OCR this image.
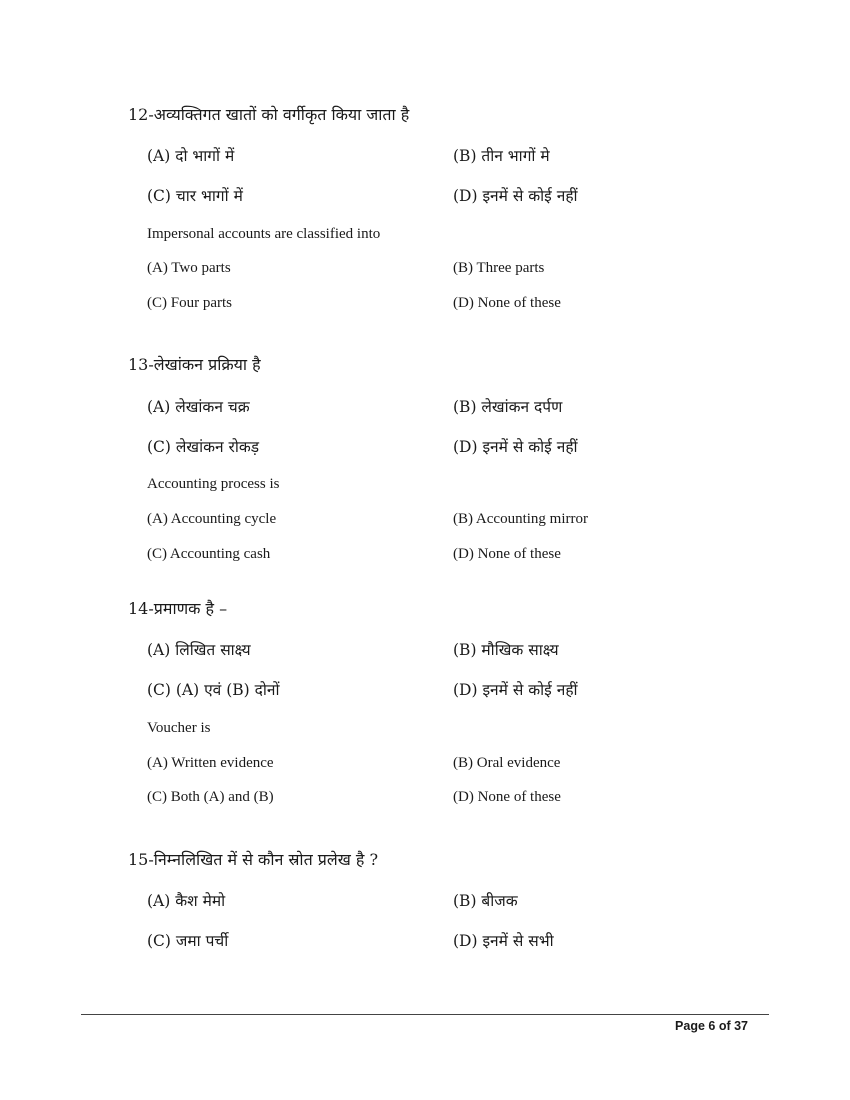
12-अव्यक्तिगत खातों को वर्गीकृत किया जाता है
(A) दो भागों में	(B) तीन भागों मे
(C) चार भागों में	(D) इनमें से कोई नहीं
Impersonal accounts are classified into
(A) Two parts	(B) Three parts
(C) Four parts	(D) None of these
13-लेखांकन प्रक्रिया है
(A) लेखांकन चक्र	(B) लेखांकन दर्पण
(C) लेखांकन रोकड़	(D) इनमें से कोई नहीं
Accounting process is
(A) Accounting cycle	(B) Accounting mirror
(C) Accounting cash	(D) None of these
14-प्रमाणक है –
(A) लिखित साक्ष्य	(B) मौखिक साक्ष्य
(C) (A) एवं (B) दोनों	(D) इनमें से कोई नहीं
Voucher is
(A) Written evidence	(B) Oral evidence
(C) Both (A) and (B)	(D) None of these
15-निम्नलिखित में से कौन स्रोत प्रलेख है ?
(A) कैश मेमो	(B) बीजक
(C) जमा पर्ची	(D) इनमें से सभी
Page 6 of 37
